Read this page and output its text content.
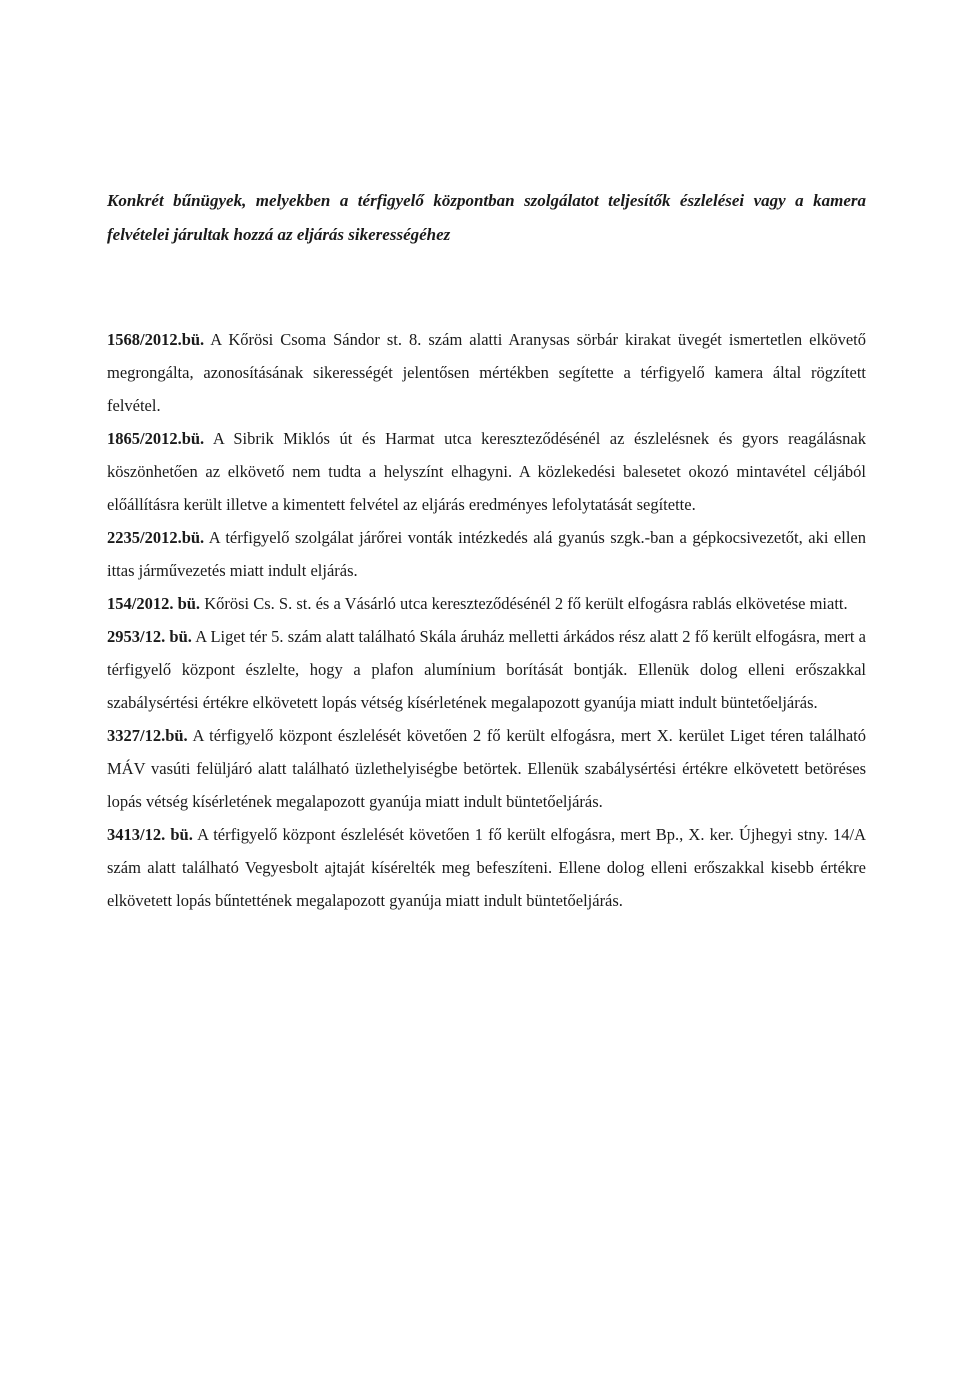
Konkrét bűnügyek, melyekben a térfigyelő központban szolgálatot teljesítők észlelései vagy a kamera felvételei járultak hozzá az eljárás sikerességéhez

1568/2012.bü. A Kőrösi Csoma Sándor st. 8. szám alatti Aranysas sörbár kirakat üvegét ismertetlen elkövető megrongálta, azonosításának sikerességét jelentősen mértékben segítette a térfigyelő kamera által rögzített felvétel.

1865/2012.bü. A Sibrik Miklós út és Harmat utca kereszteződésénél az észlelésnek és gyors reagálásnak köszönhetően az elkövető nem tudta a helyszínt elhagyni. A közlekedési balesetet okozó mintavétel céljából előállításra került illetve a kimentett felvétel az eljárás eredményes lefolytatását segítette.

2235/2012.bü. A térfigyelő szolgálat járőrei vonták intézkedés alá gyanús szgk.-ban a gépkocsivezetőt, aki ellen ittas járművezetés miatt indult eljárás.

154/2012. bü. Kőrösi Cs. S. st. és a Vásárló utca kereszteződésénél 2 fő került elfogásra rablás elkövetése miatt.

2953/12. bü. A Liget tér 5. szám alatt található Skála áruház melletti árkádos rész alatt 2 fő került elfogásra, mert a térfigyelő központ észlelte, hogy a plafon alumínium borítását bontják. Ellenük dolog elleni erőszakkal szabálysértési értékre elkövetett lopás vétség kísérletének megalapozott gyanúja miatt indult büntetőeljárás.

3327/12.bü. A térfigyelő központ észlelését követően 2 fő került elfogásra, mert X. kerület Liget téren található MÁV vasúti felüljáró alatt található üzlethelyiségbe betörtek. Ellenük szabálysértési értékre elkövetett betöréses lopás vétség kísérletének megalapozott gyanúja miatt indult büntetőeljárás.

3413/12. bü. A térfigyelő központ észlelését követően 1 fő került elfogásra, mert Bp., X. ker. Újhegyi stny. 14/A szám alatt található Vegyesbolt ajtaját kísérelték meg befeszíteni. Ellene dolog elleni erőszakkal kisebb értékre elkövetett lopás bűntettének megalapozott gyanúja miatt indult büntetőeljárás.
